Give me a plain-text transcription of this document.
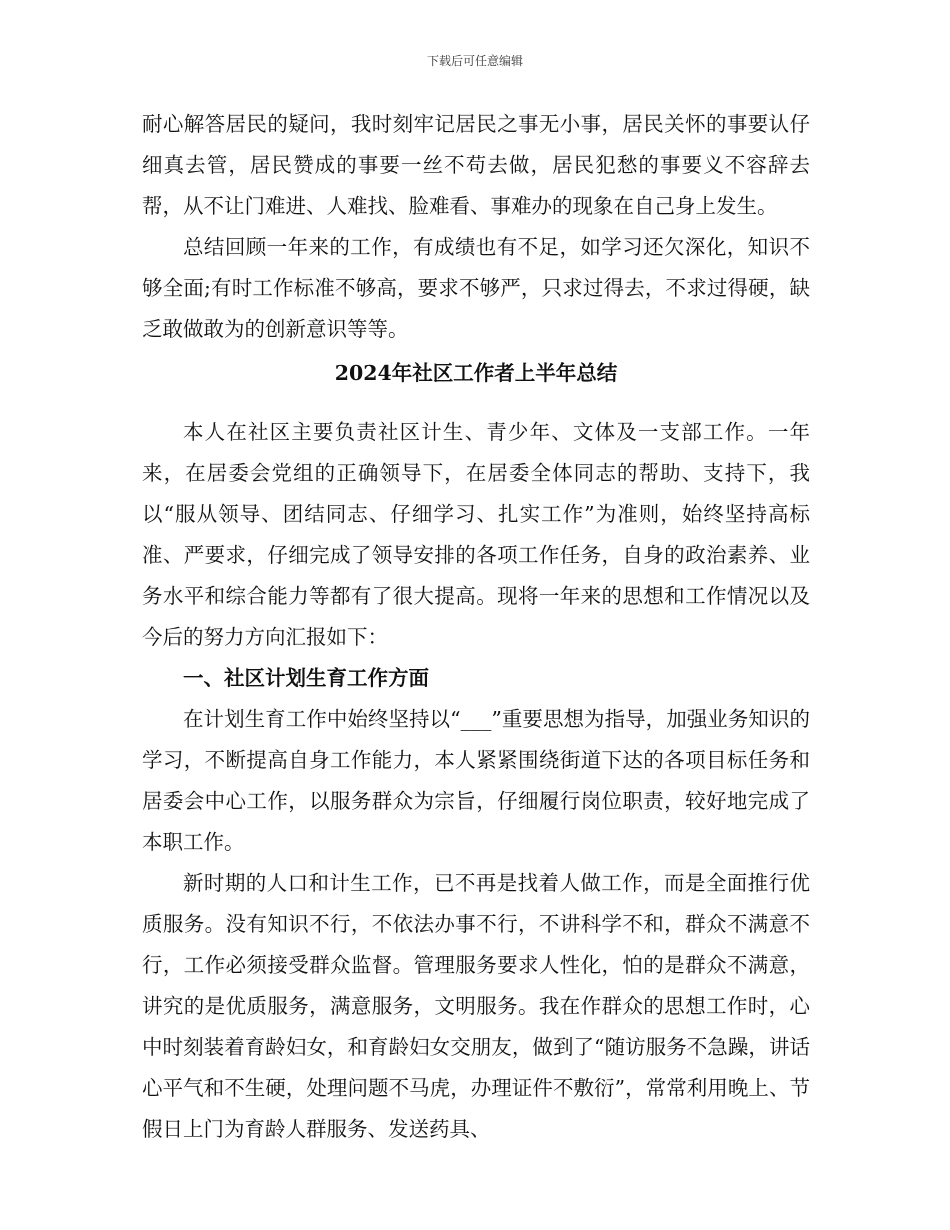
下载后可任意编辑

耐心解答居民的疑问，我时刻牢记居民之事无小事，居民关怀的事要认仔细真去管，居民赞成的事要一丝不苟去做，居民犯愁的事要义不容辞去帮，从不让门难进、人难找、脸难看、事难办的现象在自己身上发生。

总结回顾一年来的工作，有成绩也有不足，如学习还欠深化，知识不够全面;有时工作标准不够高，要求不够严，只求过得去，不求过得硬，缺乏敢做敢为的创新意识等等。

2024年社区工作者上半年总结

本人在社区主要负责社区计生、青少年、文体及一支部工作。一年来，在居委会党组的正确领导下，在居委全体同志的帮助、支持下，我以“服从领导、团结同志、仔细学习、扎实工作”为准则，始终坚持高标准、严要求，仔细完成了领导安排的各项工作任务，自身的政治素养、业务水平和综合能力等都有了很大提高。现将一年来的思想和工作情况以及今后的努力方向汇报如下：

一、社区计划生育工作方面

在计划生育工作中始终坚持以“___”重要思想为指导，加强业务知识的学习，不断提高自身工作能力，本人紧紧围绕街道下达的各项目标任务和居委会中心工作，以服务群众为宗旨，仔细履行岗位职责，较好地完成了本职工作。

新时期的人口和计生工作，已不再是找着人做工作，而是全面推行优质服务。没有知识不行，不依法办事不行，不讲科学不和，群众不满意不行，工作必须接受群众监督。管理服务要求人性化，怕的是群众不满意，讲究的是优质服务，满意服务，文明服务。我在作群众的思想工作时，心中时刻装着育龄妇女，和育龄妇女交朋友，做到了“随访服务不急躁，讲话心平气和不生硬，处理问题不马虎，办理证件不敷衍”，常常利用晚上、节假日上门为育龄人群服务、发送药具、
